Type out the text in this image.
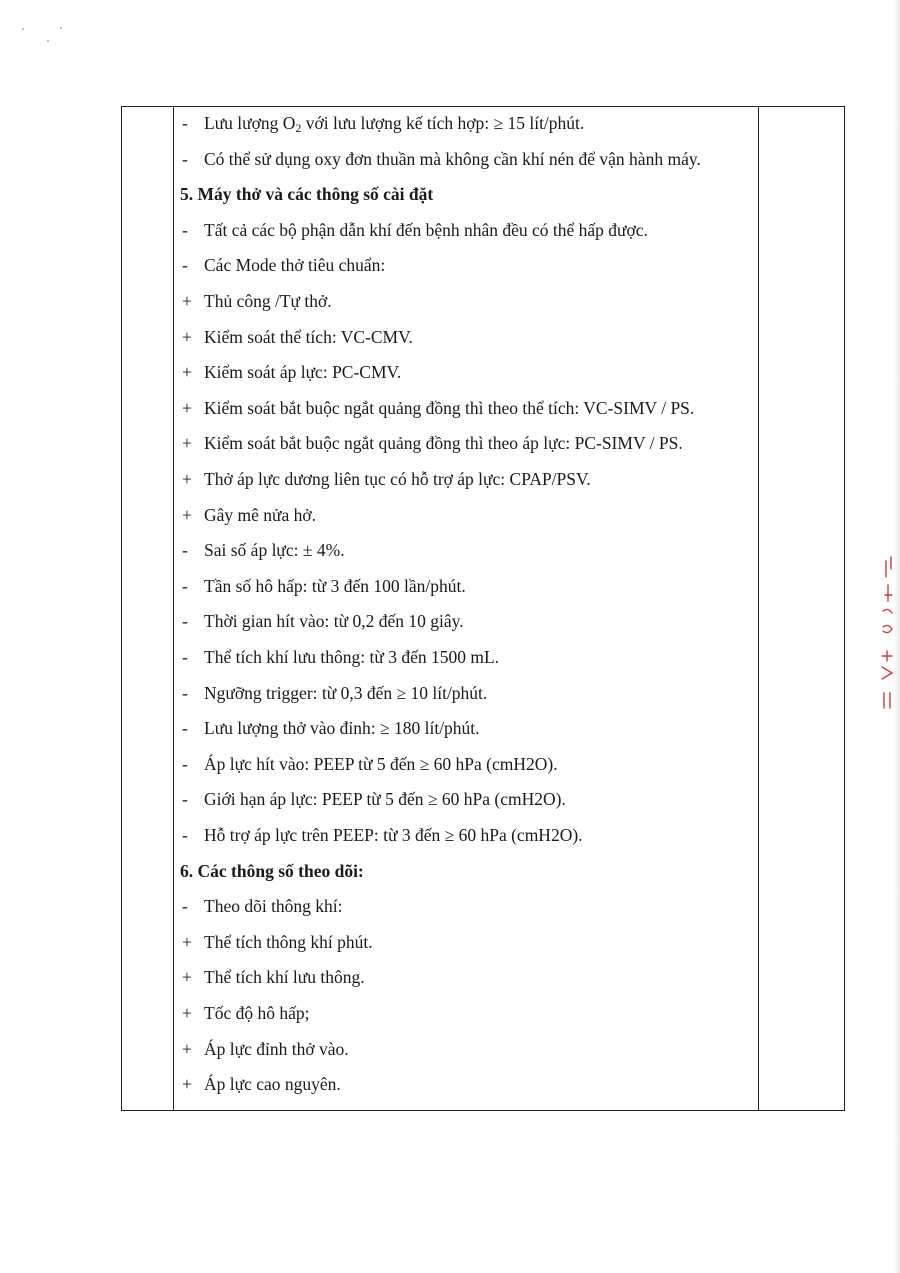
- Lưu lượng $O_2$ với lưu lượng kế tích hợp: ≥ 15 lít/phút.
- Có thể sử dụng oxy đơn thuần mà không cần khí nén để vận hành máy.
5. Máy thở và các thông số cài đặt
- Tất cả các bộ phận dẫn khí đến bệnh nhân đều có thể hấp được.
- Các Mode thở tiêu chuẩn:
+ Thủ công /Tự thở.
+ Kiểm soát thể tích: VC-CMV.
+ Kiểm soát áp lực: PC-CMV.
+ Kiểm soát bắt buộc ngắt quảng đồng thì theo thể tích: VC-SIMV / PS.
+ Kiểm soát bắt buộc ngắt quảng đồng thì theo áp lực: PC-SIMV / PS.
+ Thở áp lực dương liên tục có hỗ trợ áp lực: CPAP/PSV.
+ Gây mê nửa hở.
- Sai số áp lực: ± 4%.
- Tần số hô hấp: từ 3 đến 100 lần/phút.
- Thời gian hít vào: từ 0,2 đến 10 giây.
- Thể tích khí lưu thông: từ 3 đến 1500 mL.
- Ngưỡng trigger: từ 0,3 đến ≥ 10 lít/phút.
- Lưu lượng thở vào đỉnh: ≥ 180 lít/phút.
- Áp lực hít vào: PEEP từ 5 đến ≥ 60 hPa (cmH2O).
- Giới hạn áp lực: PEEP từ 5 đến ≥ 60 hPa (cmH2O).
- Hỗ trợ áp lực trên PEEP: từ 3 đến ≥ 60 hPa (cmH2O).
6. Các thông số theo dõi:
- Theo dõi thông khí:
+ Thể tích thông khí phút.
+ Thể tích khí lưu thông.
+ Tốc độ hô hấp;
+ Áp lực đỉnh thở vào.
+ Áp lực cao nguyên.
